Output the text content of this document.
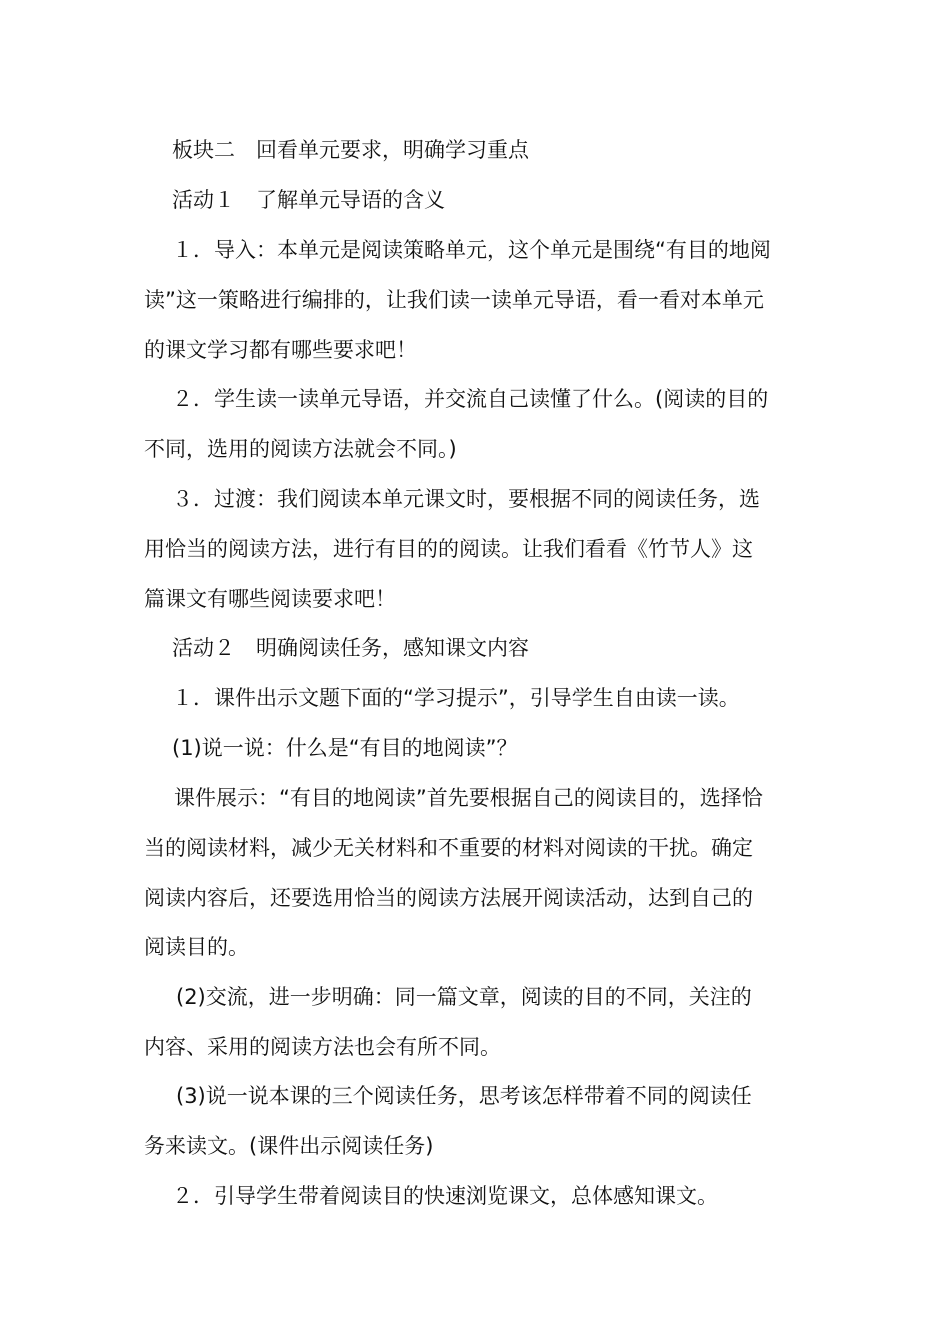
板块二　回看单元要求，明确学习重点
活动１　了解单元导语的含义
１．导入：本单元是阅读策略单元，这个单元是围绕“有目的地阅
读”这一策略进行编排的，让我们读一读单元导语，看一看对本单元
的课文学习都有哪些要求吧！
２．学生读一读单元导语，并交流自己读懂了什么。(阅读的目的
不同，选用的阅读方法就会不同。)
３．过渡：我们阅读本单元课文时，要根据不同的阅读任务，选
用恰当的阅读方法，进行有目的的阅读。让我们看看《竹节人》这
篇课文有哪些阅读要求吧！
活动２　明确阅读任务，感知课文内容
１．课件出示文题下面的“学习提示”，引导学生自由读一读。
(1)说一说：什么是“有目的地阅读”？
课件展示：“有目的地阅读”首先要根据自己的阅读目的，选择恰
当的阅读材料，减少无关材料和不重要的材料对阅读的干扰。确定
阅读内容后，还要选用恰当的阅读方法展开阅读活动，达到自己的
阅读目的。
(2)交流，进一步明确：同一篇文章，阅读的目的不同，关注的
内容、采用的阅读方法也会有所不同。
(3)说一说本课的三个阅读任务，思考该怎样带着不同的阅读任
务来读文。(课件出示阅读任务)
２．引导学生带着阅读目的快速浏览课文，总体感知课文。
